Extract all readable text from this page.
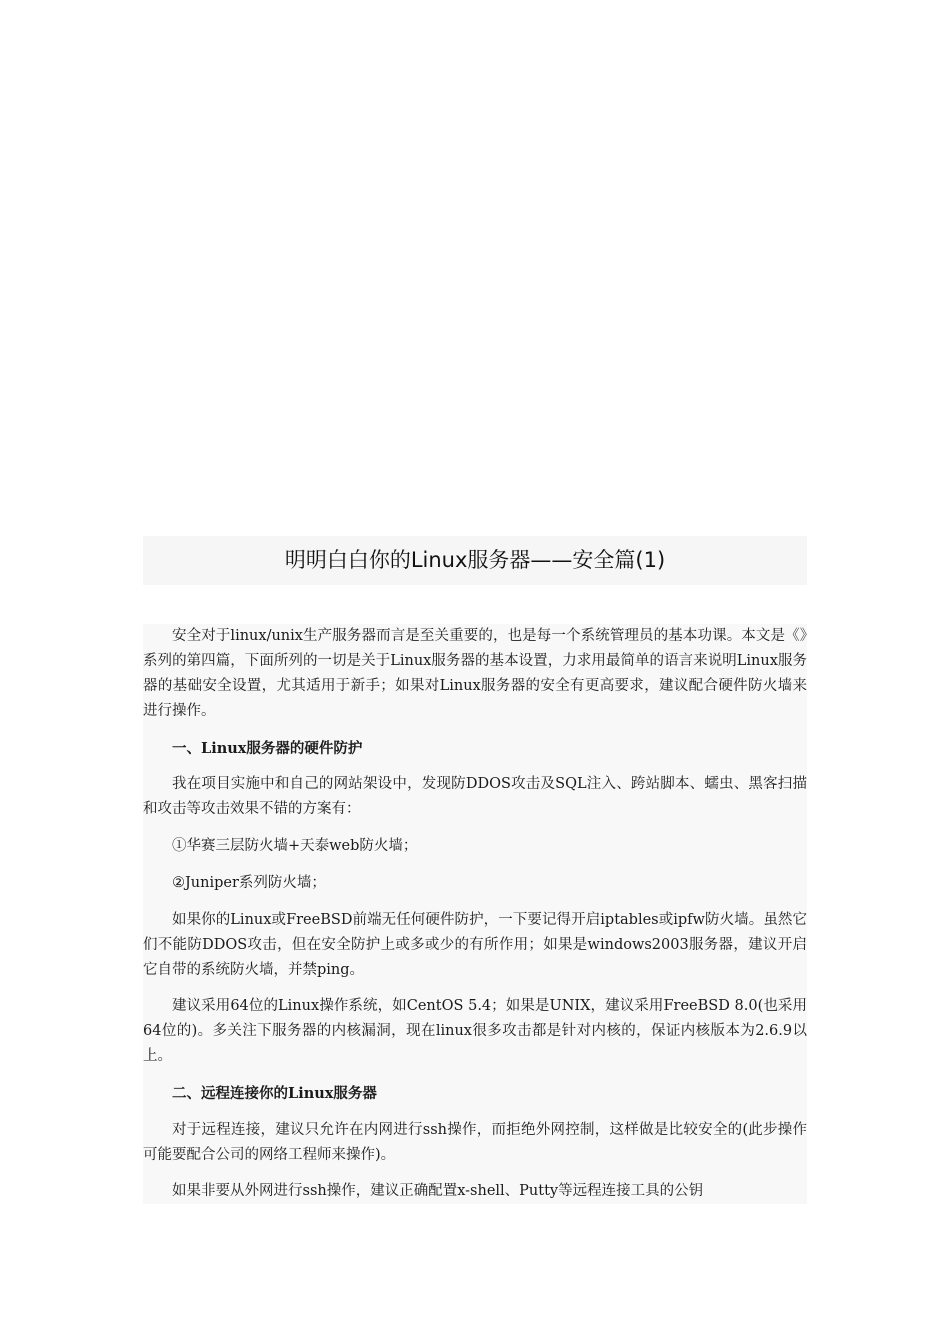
明明白白你的Linux服务器——安全篇(1)

安全对于linux/unix生产服务器而言是至关重要的，也是每一个系统管理员的基本功课。本文是《》系列的第四篇，下面所列的一切是关于Linux服务器的基本设置，力求用最简单的语言来说明Linux服务器的基础安全设置，尤其适用于新手；如果对Linux服务器的安全有更高要求，建议配合硬件防火墙来进行操作。

一、Linux服务器的硬件防护

我在项目实施中和自己的网站架设中，发现防DDOS攻击及SQL注入、跨站脚本、蠕虫、黑客扫描和攻击等攻击效果不错的方案有：

①华赛三层防火墙+天泰web防火墙；

②Juniper系列防火墙；

如果你的Linux或FreeBSD前端无任何硬件防护，一下要记得开启iptables或ipfw防火墙。虽然它们不能防DDOS攻击，但在安全防护上或多或少的有所作用；如果是windows2003服务器，建议开启它自带的系统防火墙，并禁ping。

建议采用64位的Linux操作系统，如CentOS 5.4；如果是UNIX，建议采用FreeBSD 8.0(也采用64位的)。多关注下服务器的内核漏洞，现在linux很多攻击都是针对内核的，保证内核版本为2.6.9以上。

二、远程连接你的Linux服务器

对于远程连接，建议只允许在内网进行ssh操作，而拒绝外网控制，这样做是比较安全的(此步操作可能要配合公司的网络工程师来操作)。

如果非要从外网进行ssh操作，建议正确配置x-shell、Putty等远程连接工具的公钥
